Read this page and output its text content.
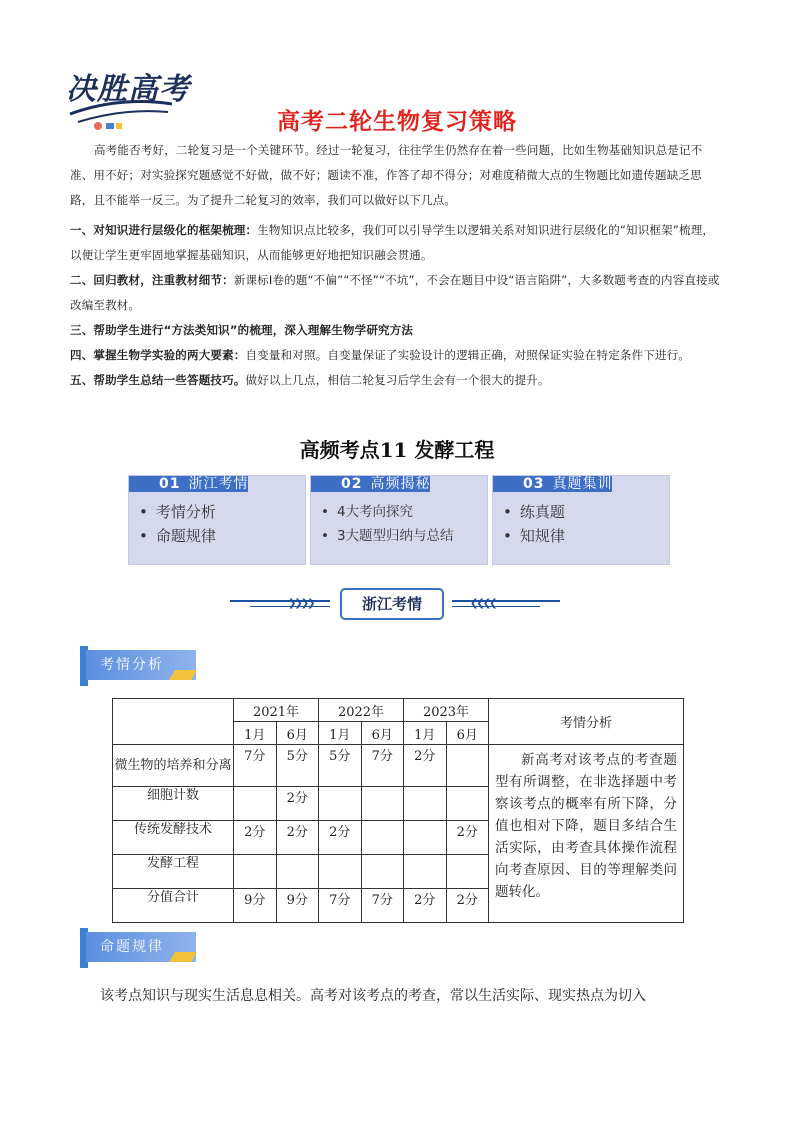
决胜高考
高考二轮生物复习策略
高考能否考好，二轮复习是一个关键环节。经过一轮复习，往往学生仍然存在着一些问题，比如生物基础知识总是记不
准、用不好；对实验探究题感觉不好做，做不好；题读不准，作答了却不得分；对难度稍微大点的生物题比如遗传题缺乏思
路，且不能举一反三。为了提升二轮复习的效率，我们可以做好以下几点。
一、对知识进行层级化的框架梳理：生物知识点比较多，我们可以引导学生以逻辑关系对知识进行层级化的“知识框架”梳理，
以便让学生更牢固地掌握基础知识，从而能够更好地把知识融会贯通。
二、回归教材，注重教材细节：新课标Ⅰ卷的题“不偏”“不怪”“不坑”，不会在题目中设“语言陷阱”，大多数题考查的内容直接或
改编至教材。
三、帮助学生进行“方法类知识”的梳理，深入理解生物学研究方法
四、掌握生物学实验的两大要素：自变量和对照。自变量保证了实验设计的逻辑正确，对照保证实验在特定条件下进行。
五、帮助学生总结一些答题技巧。做好以上几点，相信二轮复习后学生会有一个很大的提升。
高频考点11 发酵工程
01 浙江考情
• 考情分析
• 命题规律
02 高频揭秘
• 4大考向探究
• 3大题型归纳与总结
03 真题集训
• 练真题
• 知规律
❯❯❯❯	浙江考情	❮❮❮❮
考情分析
	2021年		2022年		2023年		考情分析
	1月	6月	1月	6月	1月	6月	
微生物的培养和分离	7分	5分	5分	7分	2分		新高考对该考点的考查题型有所调整，在非选择题中考察该考点的概率有所下降，分值也相对下降，题目多结合生活实际，由考查具体操作流程向考查原因、目的等理解类问题转化。

细胞计数		2分					
传统发酵技术	2分	2分	2分			2分	
发酵工程							
分值合计	9分	9分	7分	7分	2分	2分	
命题规律
该考点知识与现实生活息息相关。高考对该考点的考查，常以生活实际、现实热点为切入
